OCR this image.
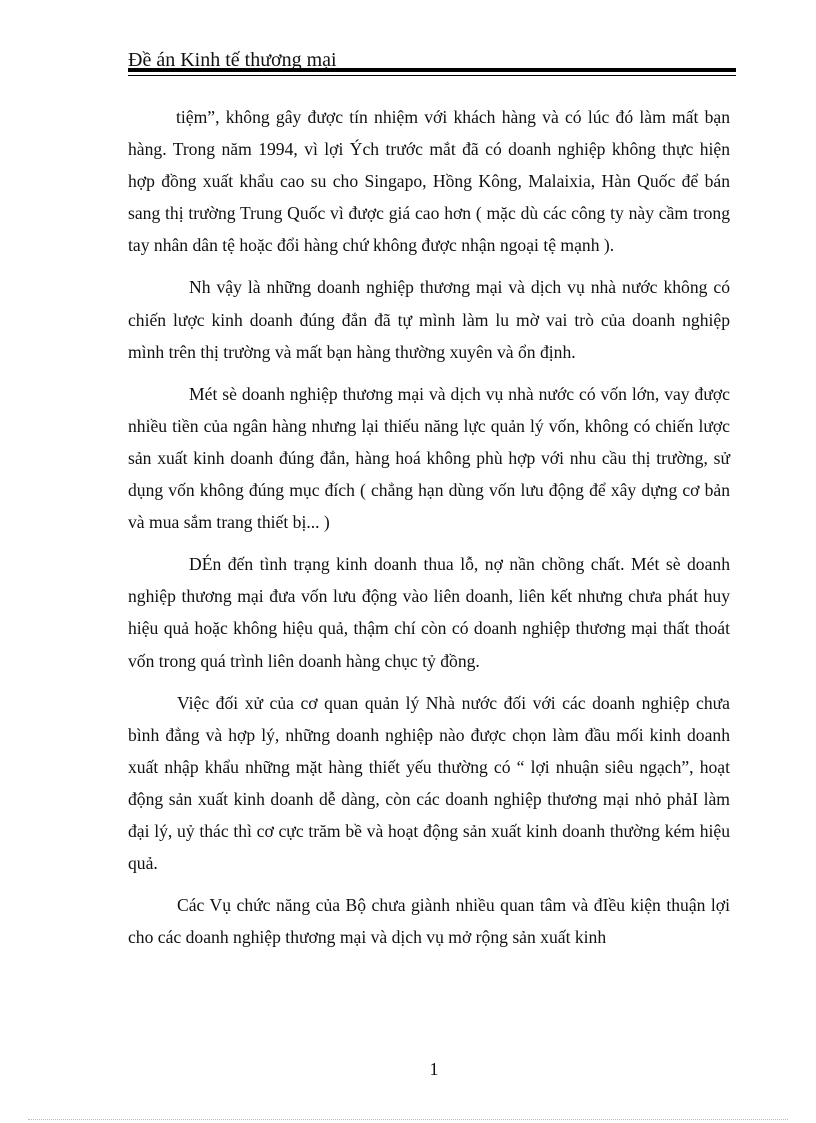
Đề án Kinh tế thương mại

tiệm”, không gây được tín nhiệm với khách hàng và có lúc đó làm mất bạn hàng. Trong năm 1994, vì lợi Ých trước mắt đã có doanh nghiệp không thực hiện hợp đồng xuất khẩu cao su cho Singapo, Hồng Kông, Malaixia, Hàn Quốc để bán sang thị trường Trung Quốc vì được giá cao hơn ( mặc dù các công ty này cầm trong tay nhân dân tệ hoặc đổi hàng chứ không được nhận ngoại tệ mạnh ).

Nh vậy là những doanh nghiệp thương mại và dịch vụ nhà nước không có chiến lược kinh doanh đúng đắn đã tự mình làm lu mờ vai trò của doanh nghiệp mình trên thị trường và mất bạn hàng thường xuyên và ổn định.

Mét sè doanh nghiệp thương mại và dịch vụ nhà nước có vốn lớn, vay được nhiều tiền của ngân hàng nhưng lại thiếu năng lực quản lý vốn, không có chiến lược sản xuất kinh doanh đúng đắn, hàng hoá không phù hợp với nhu cầu thị trường, sử dụng vốn không đúng mục đích ( chẳng hạn dùng vốn lưu động để xây dựng cơ bản và mua sắm trang thiết bị... )

DÉn đến tình trạng kinh doanh thua lỗ, nợ nần chồng chất. Mét sè doanh nghiệp thương mại đưa vốn lưu động vào liên doanh, liên kết nhưng chưa phát huy hiệu quả hoặc không hiệu quả, thậm chí còn có doanh nghiệp thương mại thất thoát vốn trong quá trình liên doanh hàng chục tỷ đồng.

Việc đối xử của cơ quan quản lý Nhà nước đối với các doanh nghiệp chưa bình đẳng và hợp lý, những doanh nghiệp nào được chọn làm đầu mối kinh doanh xuất nhập khẩu những mặt hàng thiết yếu thường có “ lợi nhuận siêu ngạch”, hoạt động sản xuất kinh doanh dễ dàng, còn các doanh nghiệp thương mại nhỏ phảI làm đại lý, uỷ thác thì cơ cực trăm bề và hoạt động sản xuất kinh doanh thường kém hiệu quả.

Các Vụ chức năng của Bộ chưa giành nhiều quan tâm và đIều kiện thuận lợi cho các doanh nghiệp thương mại và dịch vụ mở rộng sản xuất kinh

1
